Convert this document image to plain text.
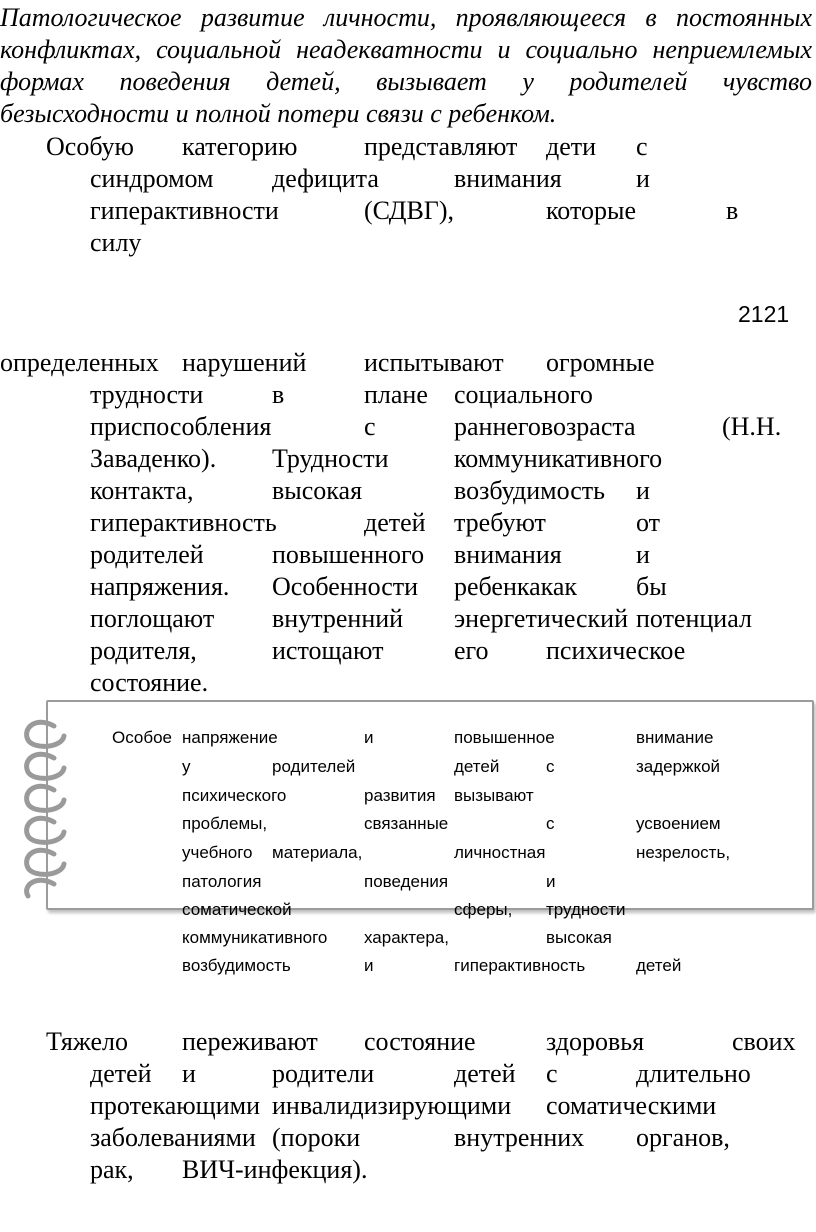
Патологическое развитие личности, проявляющееся в постоянных конфликтах, социальной неадекватности и социально неприемлемых формах поведения детей, вызывает у родителей чувство безысходности и полной потери связи с ребенком.

Особую категорию	представляют дети с
синдромом дефицита	внимания	и
гиперактивности	(СДВГ),	которые	в
силу
2121
определенных нарушений испытывают огромные
трудности	в	плане социального
приспособления	с	раннеговозраста	(Н.Н.
Заваденко). Трудности	коммуникативного
контакта,	высокая	возбудимость и
гиперактивность	детей требуют	от
родителей	повышенного внимания	и
напряжения. Особенности ребенкакак бы
поглощают внутренний энергетический потенциал
родителя,	истощают	его психическое
состояние.
Особое напряжение	и	повышенное	внимание
у	родителей	детей	с	задержкой
психического	развития вызывают
проблемы,	связанные	с	усвоением
учебного материала,	личностная	незрелость,
патология	поведения	и
соматической	сферы, трудности
коммуникативного характера,	высокая
возбудимость	и	гиперактивность	детей
Тяжело переживают состояние	здоровья	своих
детей и	родители	детей с	длительно
протекающими инвалидизирующими соматическими
заболеваниями (пороки	внутренних органов,
рак, ВИЧ-инфекция).
